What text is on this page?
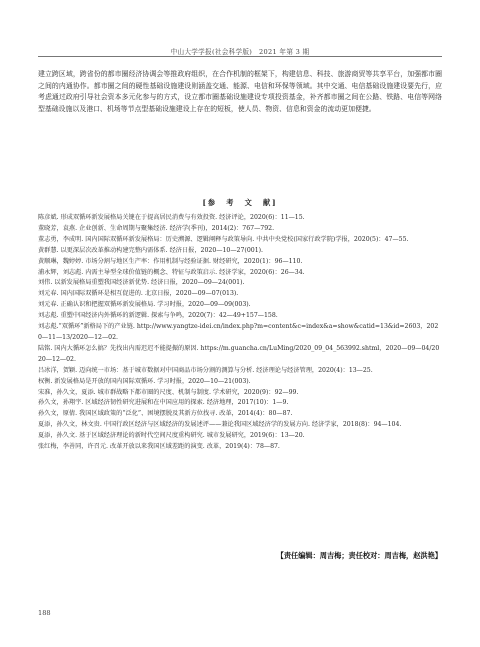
中山大学学报(社会科学版)　2021 年第 3 期

建立跨区域，跨省份的都市圈经济协调会等推政府组织，在合作机制的框架下，构建信息、科技、旅游商贸等共享平台，加强都市圈之间的内通协作。都市圈之间的硬性基础设施建设则涵盖交通、能源、电信和环保等领域。其中交通、电信基础设施建设要先行，应考虑通过政府引导社会资本多元化参与的方式，设立都市圈基础设施建设专项投资基金，补齐都市圈之间在公路、铁路、电信等网络型基础设施以及港口、机场等节点型基础设施建设上存在的短板，使人员、物资、信息和资金的流动更加便捷。

[参　考　文　献]

陈彦斌. 形成双循环新发展格局关键在于提高居民消费与有效投资. 经济评论，2020(6)：11—15.

董晓芳，袁燕. 企业创新、生命周期与聚集经济. 经济学(季刊)，2014(2)：767—792.

董志勇，李成明. 国内国际双循环新发展格局：历史溯源、逻辑阐释与政策导向. 中共中央党校(国家行政学院)学报，2020(5)：47—55.

黄群慧. 以更深层次改革推动构建完整内需体系. 经济日报，2020—10—27(001).

黄顺琳，魏婷婷. 市场分割与地区生产率：作用机制与经验证据. 财经研究，2020(1)：96—110.

浦永辉，刘志彪. 内需主导型全球价值链的概念、特征与政策启示. 经济学家，2020(6)：26—34.

刘伟. 以新发展格局重塑我国经济新优势. 经济日报，2020—09—24(001).

刘元春. 国内国际双循环是相互促进的. 北京日报，2020—09—07(013).

刘元春. 正确认识和把握双循环新发展格局. 学习时报，2020—09—09(003).

刘志彪. 重塑中国经济内外循环的新逻辑. 探索与争鸣，2020(7)：42—49+157—158.

刘志彪.“双循环”新格局下的产业链. http://www.yangtze-idei.cn/index.php?m=content&c=index&a=show&catid=13&id=2603，2020—11—13/2020—12—02.

陆铭. 国内大循环怎么搞？先找出内需迟迟不能提振的原因. https://m.guancha.cn/LuMing/2020_09_04_563992.shtml，2020—09—04/2020—12—02.

吕冰洋，贺颖. 迈向统一市场：基于城市数据对中国商品市场分割的测算与分析. 经济理论与经济管理，2020(4)：13—25.

权衡. 新发展格局是开放的国内国际双循环. 学习时报，2020—10—21(003).

宋准，孙久文，夏添. 城市群战略下都市圈的尺度、机制与制度. 学术研究，2020(9)：92—99.

孙久文，孙翔宇. 区域经济韧性研究进展和在中国应用的探索. 经济地理，2017(10)：1—9.

孙久文，原倩. 我国区域政策的“泛化”、困境摆脱及其新方位找寻. 改革，2014(4)：80—87.

夏添，孙久文，林文贵. 中国行政区经济与区域经济的发展述评——兼论我国区域经济学的发展方向. 经济学家，2018(8)：94—104.

夏添，孙久文. 基于区域经济理论的新时代空间尺度重构研究. 城市发展研究，2019(6)：13—20.

张红梅，李善同，许召元. 改革开放以来我国区域差距的演变. 改革，2019(4)：78—87.

【责任编辑：周吉梅；责任校对：周吉梅，赵洪艳】
188
